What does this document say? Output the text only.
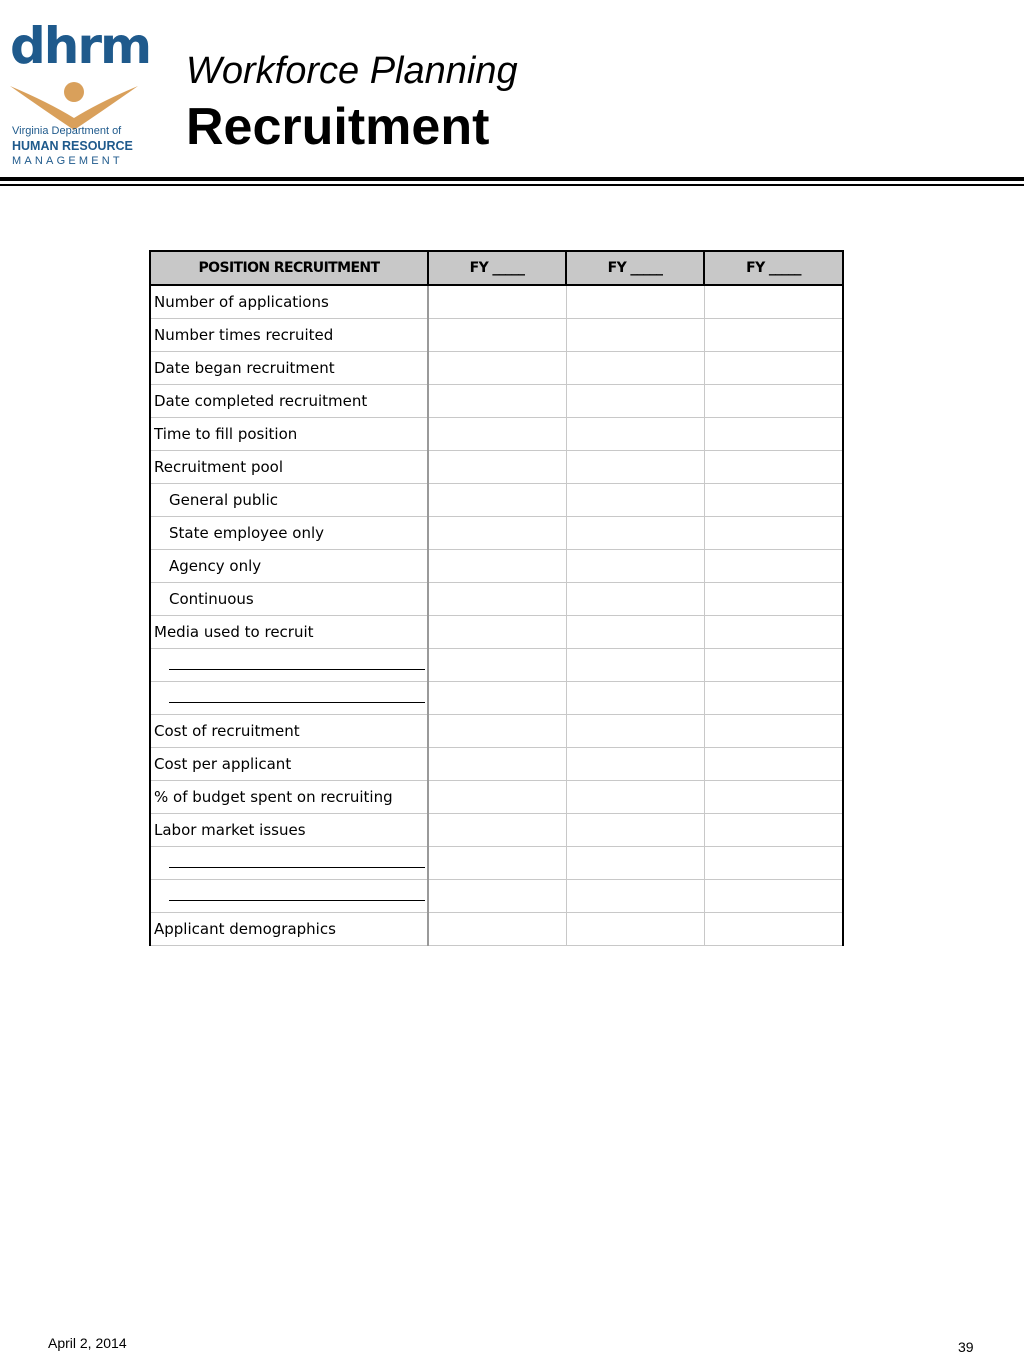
dhrm
Virginia Department of
HUMAN RESOURCE
MANAGEMENT
Workforce Planning
Recruitment
POSITION RECRUITMENT	FY _____	FY _____	FY _____
Number of applications			
Number times recruited			
Date began recruitment			
Date completed recruitment			
Time to fill position			
Recruitment pool			
General public			
State employee only			
Agency only			
Continuous			
Media used to recruit			

Cost of recruitment			
Cost per applicant			
% of budget spent on recruiting			
Labor market issues			

Applicant demographics			
April 2, 2014	39
